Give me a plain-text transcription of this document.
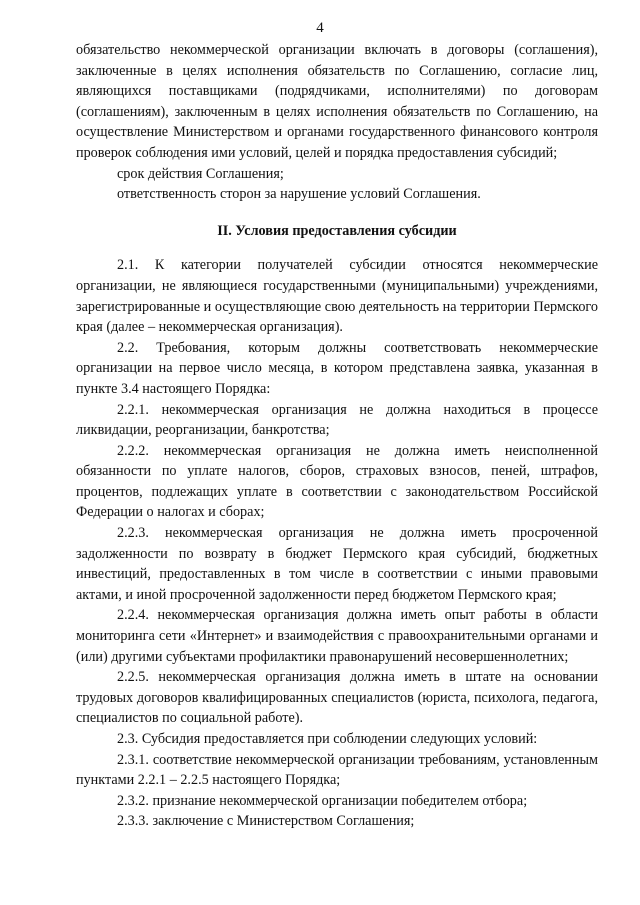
4

обязательство некоммерческой организации включать в договоры (соглашения), заключенные в целях исполнения обязательств по Соглашению, согласие лиц, являющихся поставщиками (подрядчиками, исполнителями) по договорам (соглашениям), заключенным в целях исполнения обязательств по Соглашению, на осуществление Министерством и органами государственного финансового контроля проверок соблюдения ими условий, целей и порядка предоставления субсидий;

срок действия Соглашения;

ответственность сторон за нарушение условий Соглашения.

II. Условия предоставления субсидии

2.1. К категории получателей субсидии относятся некоммерческие организации, не являющиеся государственными (муниципальными) учреждениями, зарегистрированные и осуществляющие свою деятельность на территории Пермского края (далее – некоммерческая организация).

2.2. Требования, которым должны соответствовать некоммерческие организации на первое число месяца, в котором представлена заявка, указанная в пункте 3.4 настоящего Порядка:

2.2.1. некоммерческая организация не должна находиться в процессе ликвидации, реорганизации, банкротства;

2.2.2. некоммерческая организация не должна иметь неисполненной обязанности по уплате налогов, сборов, страховых взносов, пеней, штрафов, процентов, подлежащих уплате в соответствии с законодательством Российской Федерации о налогах и сборах;

2.2.3. некоммерческая организация не должна иметь просроченной задолженности по возврату в бюджет Пермского края субсидий, бюджетных инвестиций, предоставленных в том числе в соответствии с иными правовыми актами, и иной просроченной задолженности перед бюджетом Пермского края;

2.2.4. некоммерческая организация должна иметь опыт работы в области мониторинга сети «Интернет» и взаимодействия с правоохранительными органами и (или) другими субъектами профилактики правонарушений несовершеннолетних;

2.2.5. некоммерческая организация должна иметь в штате на основании трудовых договоров квалифицированных специалистов (юриста, психолога, педагога, специалистов по социальной работе).

2.3. Субсидия предоставляется при соблюдении следующих условий:

2.3.1. соответствие некоммерческой организации требованиям, установленным пунктами 2.2.1 – 2.2.5 настоящего Порядка;

2.3.2. признание некоммерческой организации победителем отбора;

2.3.3. заключение с Министерством Соглашения;
